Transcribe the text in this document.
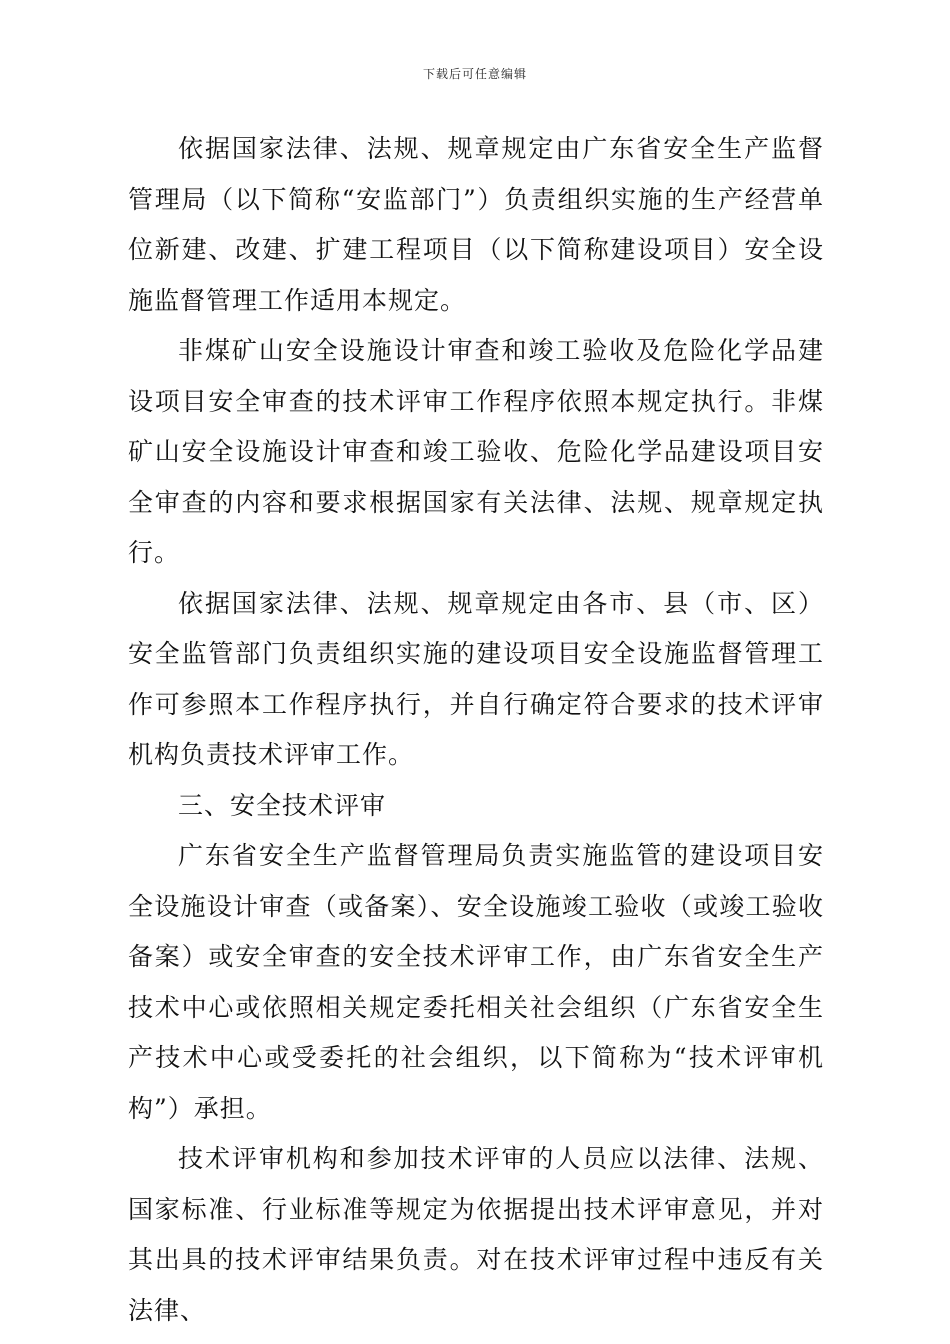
下载后可任意编辑

依据国家法律、法规、规章规定由广东省安全生产监督管理局（以下简称“安监部门”）负责组织实施的生产经营单位新建、改建、扩建工程项目（以下简称建设项目）安全设施监督管理工作适用本规定。

非煤矿山安全设施设计审查和竣工验收及危险化学品建设项目安全审查的技术评审工作程序依照本规定执行。非煤矿山安全设施设计审查和竣工验收、危险化学品建设项目安全审查的内容和要求根据国家有关法律、法规、规章规定执行。

依据国家法律、法规、规章规定由各市、县（市、区）安全监管部门负责组织实施的建设项目安全设施监督管理工作可参照本工作程序执行，并自行确定符合要求的技术评审机构负责技术评审工作。

三、安全技术评审

广东省安全生产监督管理局负责实施监管的建设项目安全设施设计审查（或备案）、安全设施竣工验收（或竣工验收备案）或安全审查的安全技术评审工作，由广东省安全生产技术中心或依照相关规定委托相关社会组织（广东省安全生产技术中心或受委托的社会组织，以下简称为“技术评审机构”）承担。

技术评审机构和参加技术评审的人员应以法律、法规、国家标准、行业标准等规定为依据提出技术评审意见，并对其出具的技术评审结果负责。对在技术评审过程中违反有关法律、
